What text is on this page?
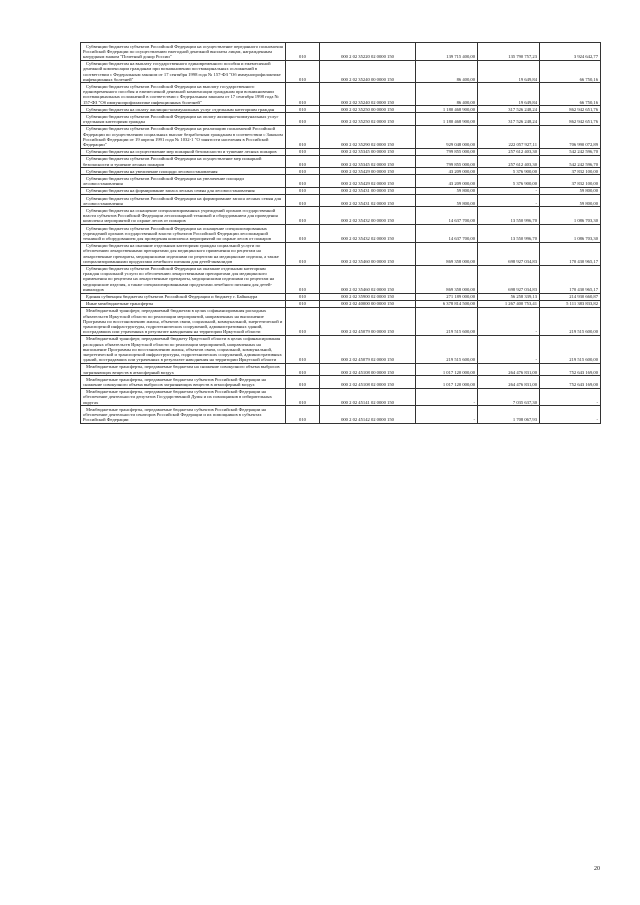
Субвенции бюджетам субъектов Российской Федерации на осуществление переданного полномочия Российской Федерации по осуществлению ежегодной денежной выплаты лицам, награжденным нагрудным знаком "Почетный донор России"	010	000 2 02 35220 02 0000 150	139 715 400,00	135 790 757,23	3 924 642,77
Субвенции бюджетам на выплату государственного единовременного пособия и ежемесячной денежной компенсации гражданам при возникновении поствакцинальных осложнений в соответствии с Федеральным законом от 17 сентября 1998 года № 157-ФЗ "Об иммунопрофилактике инфекционных болезней"	010	000 2 02 35240 00 0000 150	86 400,00	19 649,84	66 750,16
Субвенции бюджетам субъектов Российской Федерации на выплату государственного единовременного пособия и ежемесячной денежной компенсации гражданам при возникновении поствакцинальных осложнений в соответствии с Федеральным законом от 17 сентября 1998 года № 157-ФЗ "Об иммунопрофилактике инфекционных болезней"	010	000 2 02 35240 02 0000 150	86 400,00	19 649,84	66 750,16
Субвенции бюджетам на оплату жилищно-коммунальных услуг отдельным категориям граждан	010	000 2 02 35250 00 0000 150	1 180 468 900,00	317 526 248,24	862 942 651,76
Субвенции бюджетам субъектов Российской Федерации на оплату жилищно-коммунальных услуг отдельным категориям граждан	010	000 2 02 35250 02 0000 150	1 180 468 900,00	317 526 248,24	862 942 651,76
Субвенции бюджетам субъектов Российской Федерации на реализацию полномочий Российской Федерации по осуществлению социальных выплат безработным гражданам в соответствии с Законом Российской Федерации от 19 апреля 1991 года № 1032-1 "О занятости населения в Российской Федерации"	010	000 2 02 35290 02 0000 150	929 048 000,00	222 057 927,11	706 990 072,89
Субвенции бюджетам на осуществление мер пожарной безопасности и тушение лесных пожаров	010	000 2 02 35345 00 0000 150	799 855 000,00	257 612 403,30	542 242 596,70
Субвенции бюджетам субъектов Российской Федерации на осуществление мер пожарной безопасности и тушение лесных пожаров	010	000 2 02 35345 02 0000 150	799 855 000,00	257 612 403,30	542 242 596,70
Субвенции бюджетам на увеличение площади лесовосстановления	010	000 2 02 35429 00 0000 150	43 209 000,00	5 376 900,00	37 832 100,00
Субвенции бюджетам субъектов Российской Федерации на увеличение площади лесовосстановления	010	000 2 02 35429 02 0000 150	43 209 000,00	5 376 900,00	37 832 100,00
Субвенции бюджетам на формирование запаса лесных семян для лесовосстановления	010	000 2 02 35431 00 0000 150	59 800,00	-	59 800,00
Субвенции бюджетам субъектов Российской Федерации на формирование запаса лесных семян для лесовосстановления	010	000 2 02 35431 02 0000 150	59 800,00	-	59 800,00
Субвенции бюджетам на оснащение специализированных учреждений органов государственной власти субъектов Российской Федерации лесопожарной техникой и оборудованием для проведения комплекса мероприятий по охране лесов от пожаров	010	000 2 02 35432 00 0000 150	14 637 700,00	13 550 996,70	1 086 703,30
Субвенции бюджетам субъектов Российской Федерации на оснащение специализированных учреждений органов государственной власти субъектов Российской Федерации лесопожарной техникой и оборудованием для проведения комплекса мероприятий по охране лесов от пожаров	010	000 2 02 35432 02 0000 150	14 637 700,00	13 550 996,70	1 086 703,30
Субвенции бюджетам на оказание отдельным категориям граждан социальной услуги по обеспечению лекарственными препаратами для медицинского применения по рецептам на лекарственные препараты, медицинскими изделиями по рецептам на медицинские изделия, а также специализированными продуктами лечебного питания для детей-инвалидов	010	000 2 02 35460 00 0000 150	869 358 000,00	698 927 034,83	170 430 965,17
Субвенции бюджетам субъектов Российской Федерации на оказание отдельным категориям граждан социальной услуги по обеспечению лекарственными препаратами для медицинского применения по рецептам на лекарственные препараты, медицинскими изделиями по рецептам на медицинские изделия, а также специализированными продуктами лечебного питания для детей-инвалидов	010	000 2 02 35460 02 0000 150	869 358 000,00	698 927 034,83	170 430 965,17
Единая субвенция бюджетам субъектов Российской Федерации и бюджету г. Байконура	010	000 2 02 35900 02 0000 150	271 189 000,00	56 258 339,13	214 930 660,87
Иные межбюджетные трансферты	010	000 2 02 40000 00 0000 150	6 378 814 500,00	1 267 400 753,41	5 111 383 833,82
Межбюджетный трансферт, передаваемый бюджетам в целях софинансирования расходных обязательств Иркутской области по реализации мероприятий, направленных на выполнение Программы по восстановлению жилья, объектов связи, социальной, коммунальной, энергетической и транспортной инфраструктуры, гидротехнических сооружений, административных зданий, пострадавших или утраченных в результате наводнения на территории Иркутской области	010	000 2 02 45079 00 0000 150	219 515 600,00	-	219 515 600,00
Межбюджетный трансферт, передаваемый бюджету Иркутской области в целях софинансирования расходных обязательств Иркутской области по реализации мероприятий, направленных на выполнение Программы по восстановлению жилья, объектов связи, социальной, коммунальной, энергетической и транспортной инфраструктуры, гидротехнических сооружений, административных зданий, пострадавших или утраченных в результате наводнения на территории Иркутской области	010	000 2 02 45079 02 0000 150	219 515 600,00	-	219 515 600,00
Межбюджетные трансферты, передаваемые бюджетам на снижение совокупного объема выбросов загрязняющих веществ в атмосферный воздух	010	000 2 02 45108 00 0000 150	1 017 120 000,00	264 476 831,00	752 643 169,00
Межбюджетные трансферты, передаваемые бюджетам субъектов Российской Федерации на снижение совокупного объема выбросов загрязняющих веществ в атмосферный воздух	010	000 2 02 45108 02 0000 150	1 017 120 000,00	264 476 831,00	752 643 169,00
Межбюджетные трансферты, передаваемые бюджетам субъектов Российской Федерации на обеспечение деятельности депутатов Государственной Думы и их помощников в избирательных округах	010	000 2 02 45141 02 0000 150	-	7 035 637,30	-
Межбюджетные трансферты, передаваемые бюджетам субъектов Российской Федерации на обеспечение деятельности сенаторов Российской Федерации и их помощников в субъектах Российской Федерации	010	000 2 02 45142 02 0000 150	-	1 708 067,93	-
20
